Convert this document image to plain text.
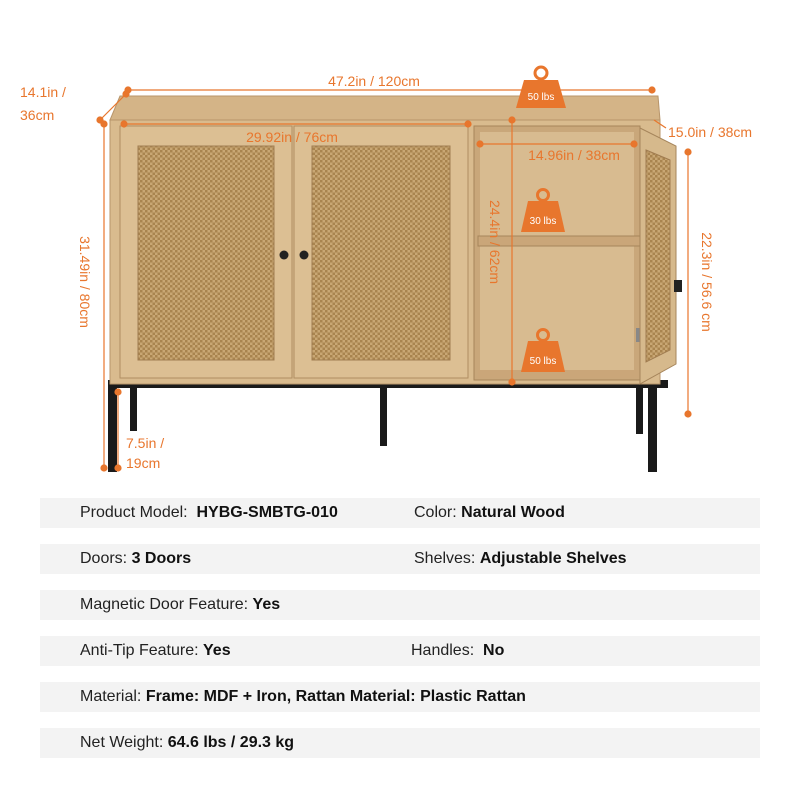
50 lbs
30 lbs
50 lbs
14.1in /
36cm
47.2in / 120cm
29.92in / 76cm	15.0in / 38cm
14.96in / 38cm
31.49in / 80cm	24.4in / 62cm	22.3in / 56.6 cm
7.5in /
19cm
Product Model: HYBG-SMBTG-010	Color: Natural Wood
Doors: 3 Doors	Shelves: Adjustable Shelves
Magnetic Door Feature: Yes
Anti-Tip Feature: Yes	Handles: No
Material: Frame: MDF + Iron, Rattan Material: Plastic Rattan
Net Weight: 64.6 lbs / 29.3 kg
